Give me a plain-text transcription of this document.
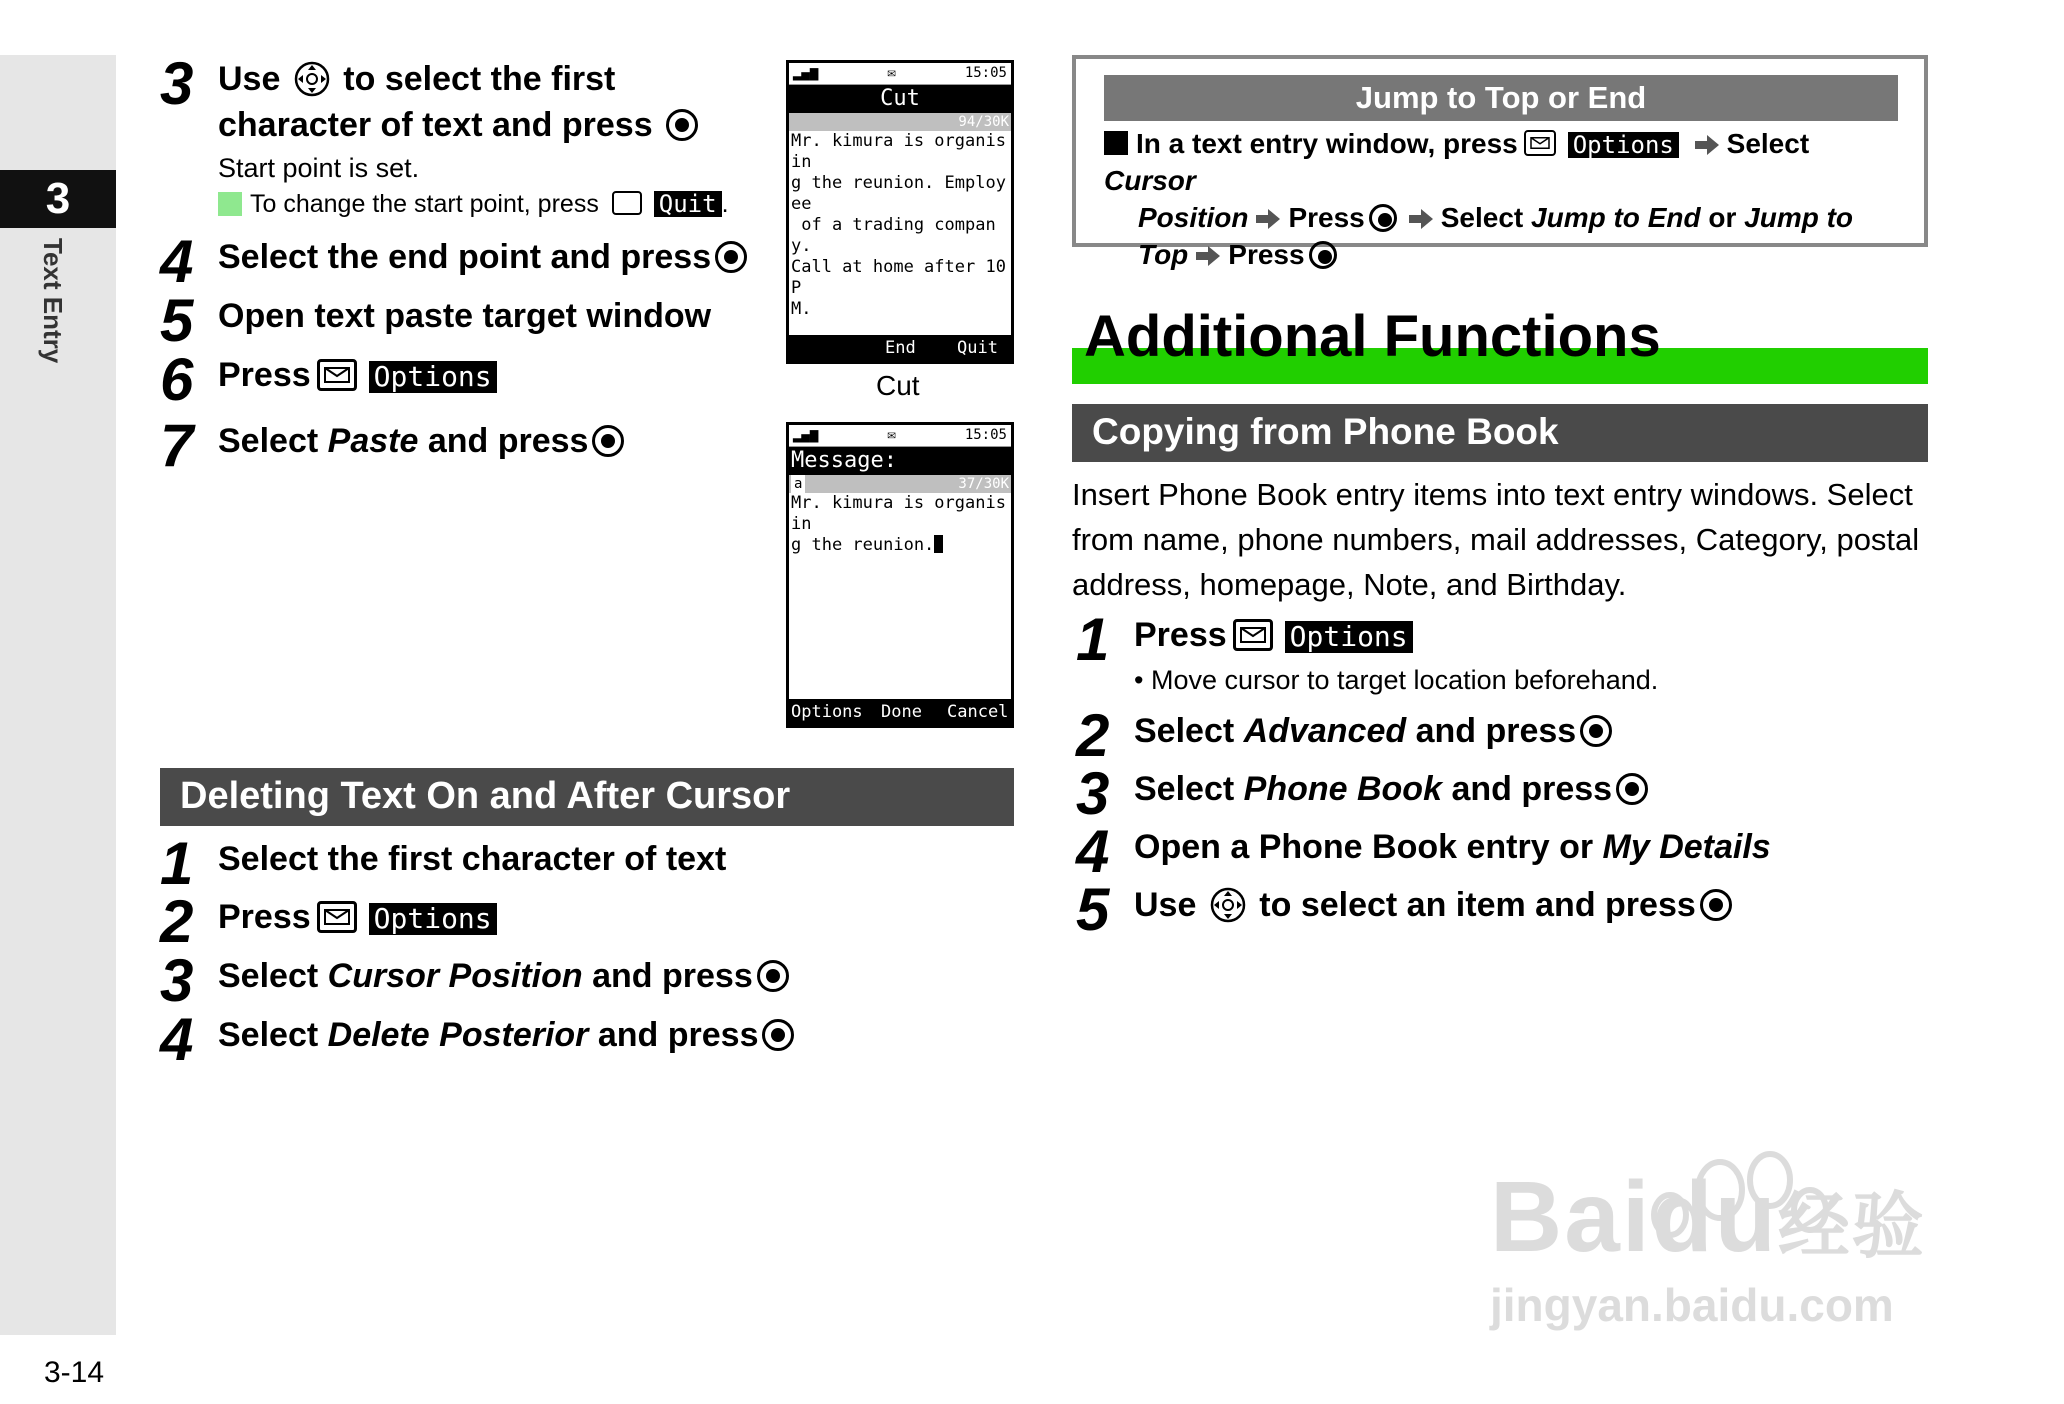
3
Text Entry
3-14
3 Use to select the first
character of text and press
Start point is set.
To change the start point, press Quit .
4 Select the end point and press
5 Open text paste target window
6 Press Options
7 Select Paste and press
▂▄▆	✉	15:05
Cut
94/30K
Mr. kimura is organisin
g the reunion. Employee
of a trading company.
Call at home after 10 P
M.
End Quit
Cut
▂▄▆	✉	15:05
Message:
a	37/30K
Mr. kimura is organisin
g the reunion.
Options Done Cancel
Deleting Text On and After Cursor
1 Select the first character of text
2 Press Options
3 Select Cursor Position and press
4 Select Delete Posterior and press
Jump to Top or End
In a text entry window, press Options Select Cursor
Position Press	Select Jump to End or Jump to
Top Press
Additional Functions
Copying from Phone Book
Insert Phone Book entry items into text entry windows. Select from name, phone numbers, mail addresses, Category, postal address, homepage, Note, and Birthday.
1 Press Options
• Move cursor to target location beforehand.
2 Select Advanced and press
3 Select Phone Book and press
4 Open a Phone Book entry or My Details
5 Use to select an item and press
Baidu经验
jingyan.baidu.com
